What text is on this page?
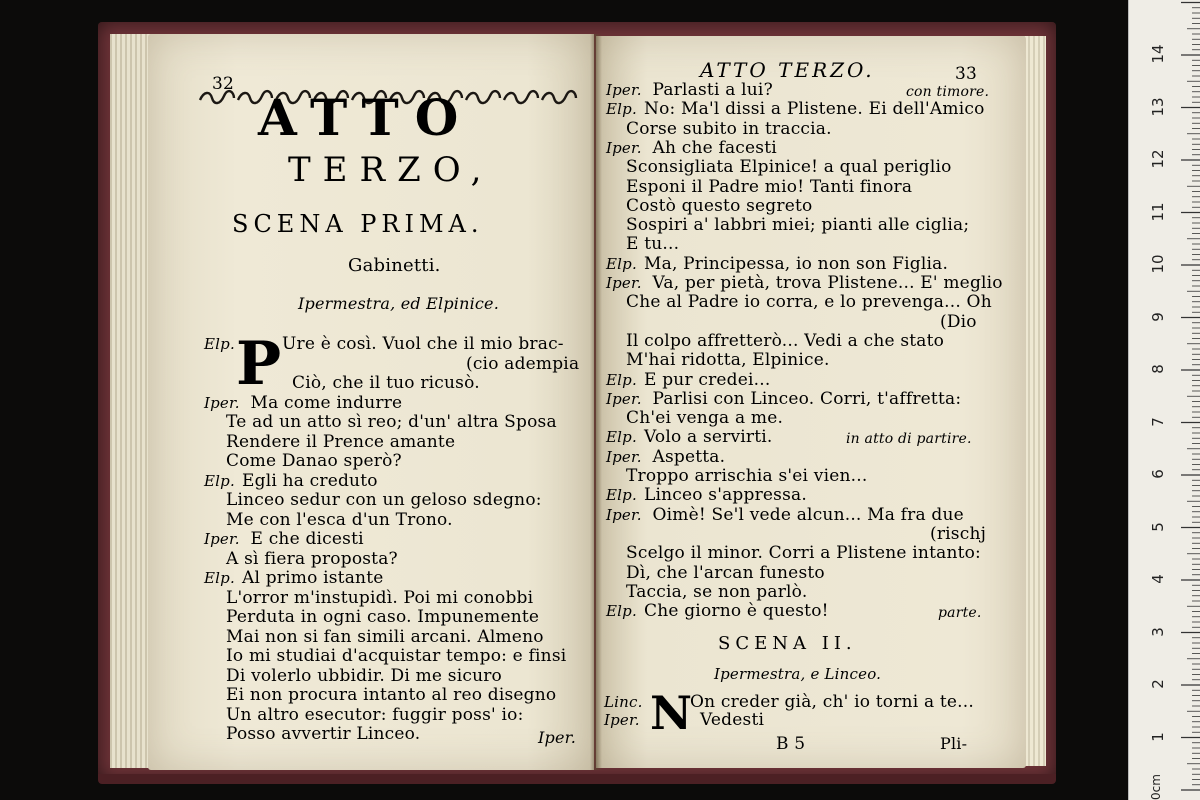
32
ATTO
TERZO,
SCENA PRIMA.
Gabinetti.
Ipermestra, ed Elpinice.
P
Elp.	Ure è così. Vuol che il mio brac-
(cio adempia
Ciò, che il tuo ricusò.
Iper. Ma come indurre
Te ad un atto sì reo; d'un' altra Sposa
Rendere il Prence amante
Come Danao sperò?
Elp. Egli ha creduto
Linceo sedur con un geloso sdegno:
Me con l'esca d'un Trono.
Iper. E che dicesti
A sì fiera proposta?
Elp. Al primo istante
L'orror m'instupidì. Poi mi conobbi
Perduta in ogni caso. Impunemente
Mai non si fan simili arcani. Almeno
Io mi studiai d'acquistar tempo: e finsi
Di volerlo ubbidir. Di me sicuro
Ei non procura intanto al reo disegno
Un altro esecutor: fuggir poss' io:
Posso avvertir Linceo.	Iper.
ATTO TERZO.	33
Iper. Parlasti a lui?	con timore.
Elp. No: Ma'l dissi a Plistene. Ei dell'Amico
Corse subito in traccia.
Iper. Ah che facesti
Sconsigliata Elpinice! a qual periglio
Esponi il Padre mio! Tanti finora
Costò questo segreto
Sospiri a' labbri miei; pianti alle ciglia;
E tu...
Elp. Ma, Principessa, io non son Figlia.
Iper. Va, per pietà, trova Plistene... E' meglio
Che al Padre io corra, e lo prevenga... Oh
(Dio
Il colpo affretterò... Vedi a che stato
M'hai ridotta, Elpinice.
Elp. E pur credei...
Iper. Parlisi con Linceo. Corri, t'affretta:
Ch'ei venga a me.
Elp. Volo a servirti.	in atto di partire.
Iper. Aspetta.
Troppo arrischia s'ei vien...
Elp. Linceo s'appressa.
Iper. Oimè! Se'l vede alcun... Ma fra due
(rischj
Scelgo il minor. Corri a Plistene intanto:
Dì, che l'arcan funesto
Taccia, se non parlò.
Elp. Che giorno è questo!	parte.
SCENA II.
Ipermestra, e Linceo.
N
Linc.	On creder già, ch' io torni a te...
Iper.	Vedesti
B 5	Pli-
0cm
1
2
3
4
5
6
7
8
9
10
11
12
13
14
